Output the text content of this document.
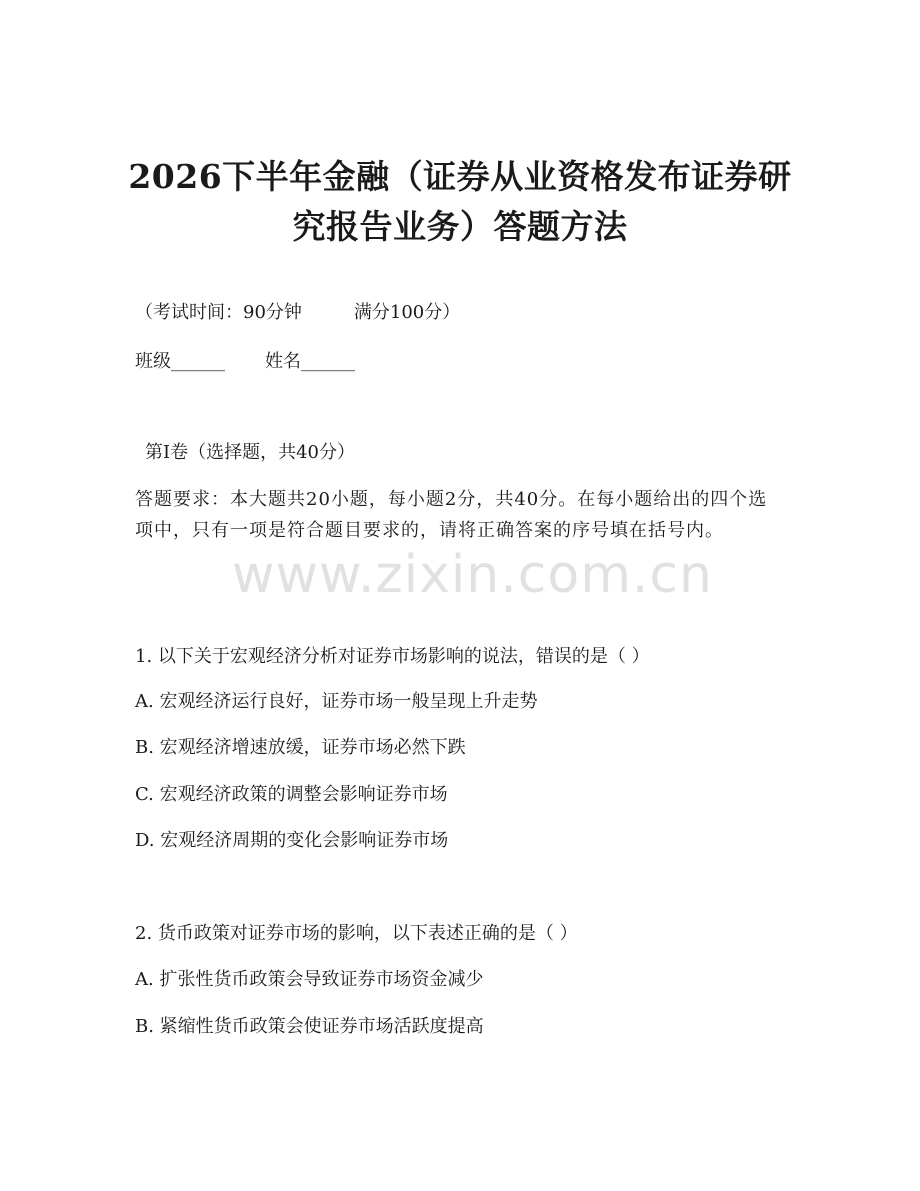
2026下半年金融（证券从业资格发布证券研
究报告业务）答题方法
（考试时间：90分钟	满分100分）
班级______ 姓名______
第Ⅰ卷（选择题，共40分）
答题要求：本大题共20小题，每小题2分，共40分。在每小题给出的四个选项中，只有一项是符合题目要求的，请将正确答案的序号填在括号内。
www.zixin.com.cn
1. 以下关于宏观经济分析对证券市场影响的说法，错误的是（ ）
A. 宏观经济运行良好，证券市场一般呈现上升走势
B. 宏观经济增速放缓，证券市场必然下跌
C. 宏观经济政策的调整会影响证券市场
D. 宏观经济周期的变化会影响证券市场
2. 货币政策对证券市场的影响，以下表述正确的是（ ）
A. 扩张性货币政策会导致证券市场资金减少
B. 紧缩性货币政策会使证券市场活跃度提高
